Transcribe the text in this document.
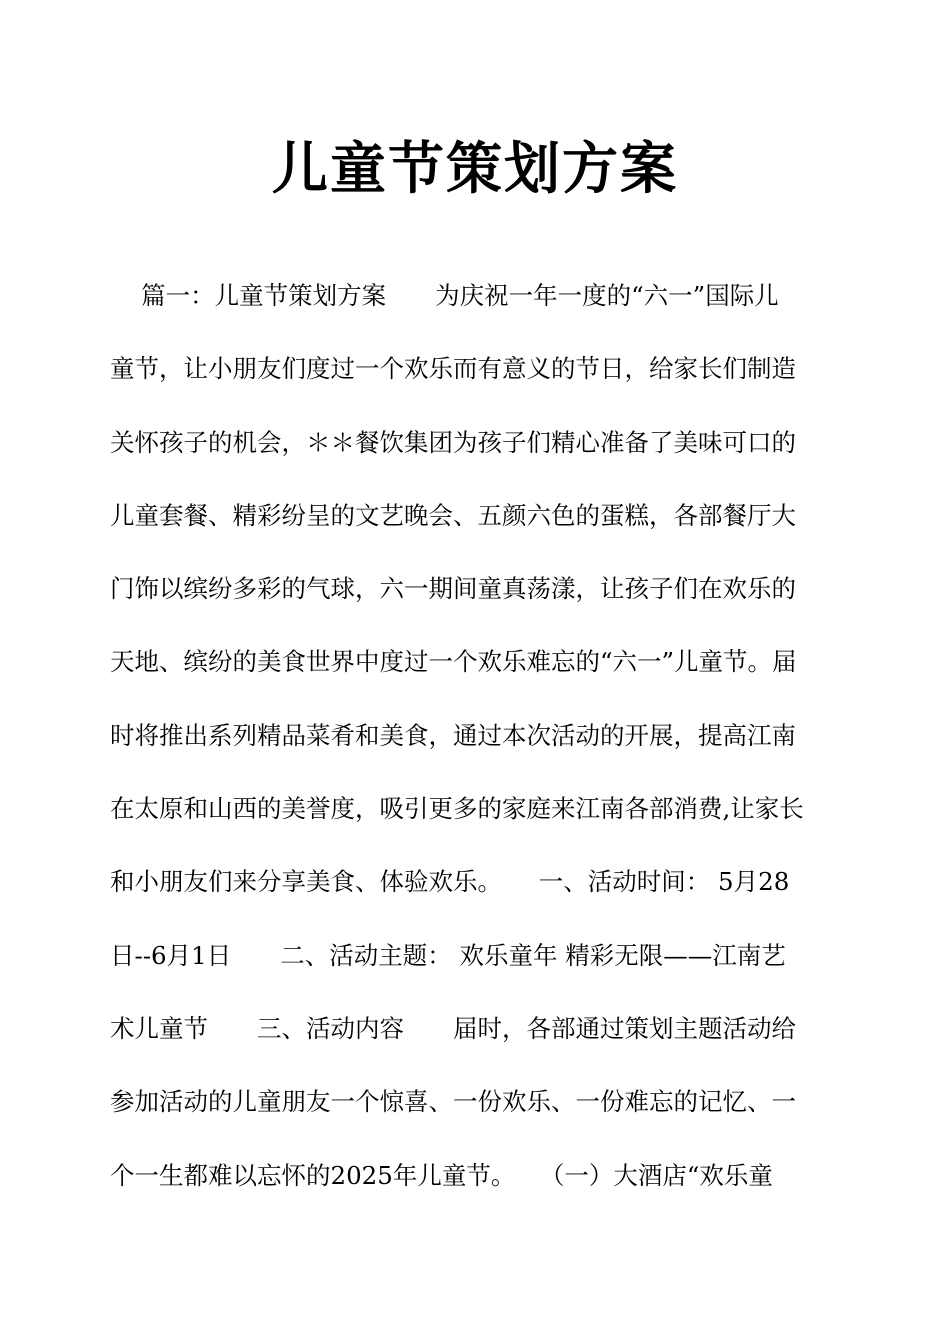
儿童节策划方案
篇一：儿童节策划方案　　为庆祝一年一度的“六一”国际儿
童节，让小朋友们度过一个欢乐而有意义的节日，给家长们制造
关怀孩子的机会，＊＊餐饮集团为孩子们精心准备了美味可口的
儿童套餐、精彩纷呈的文艺晚会、五颜六色的蛋糕，各部餐厅大
门饰以缤纷多彩的气球，六一期间童真荡漾，让孩子们在欢乐的
天地、缤纷的美食世界中度过一个欢乐难忘的“六一”儿童节。届
时将推出系列精品菜肴和美食，通过本次活动的开展，提高江南
在太原和山西的美誉度，吸引更多的家庭来江南各部消费,让家长
和小朋友们来分享美食、体验欢乐。　　一、活动时间： 5月28
日--6月1日　　二、活动主题： 欢乐童年 精彩无限——江南艺
术儿童节　　三、活动内容　　届时，各部通过策划主题活动给
参加活动的儿童朋友一个惊喜、一份欢乐、一份难忘的记忆、一
个一生都难以忘怀的2025年儿童节。　　（一）大酒店“欢乐童
